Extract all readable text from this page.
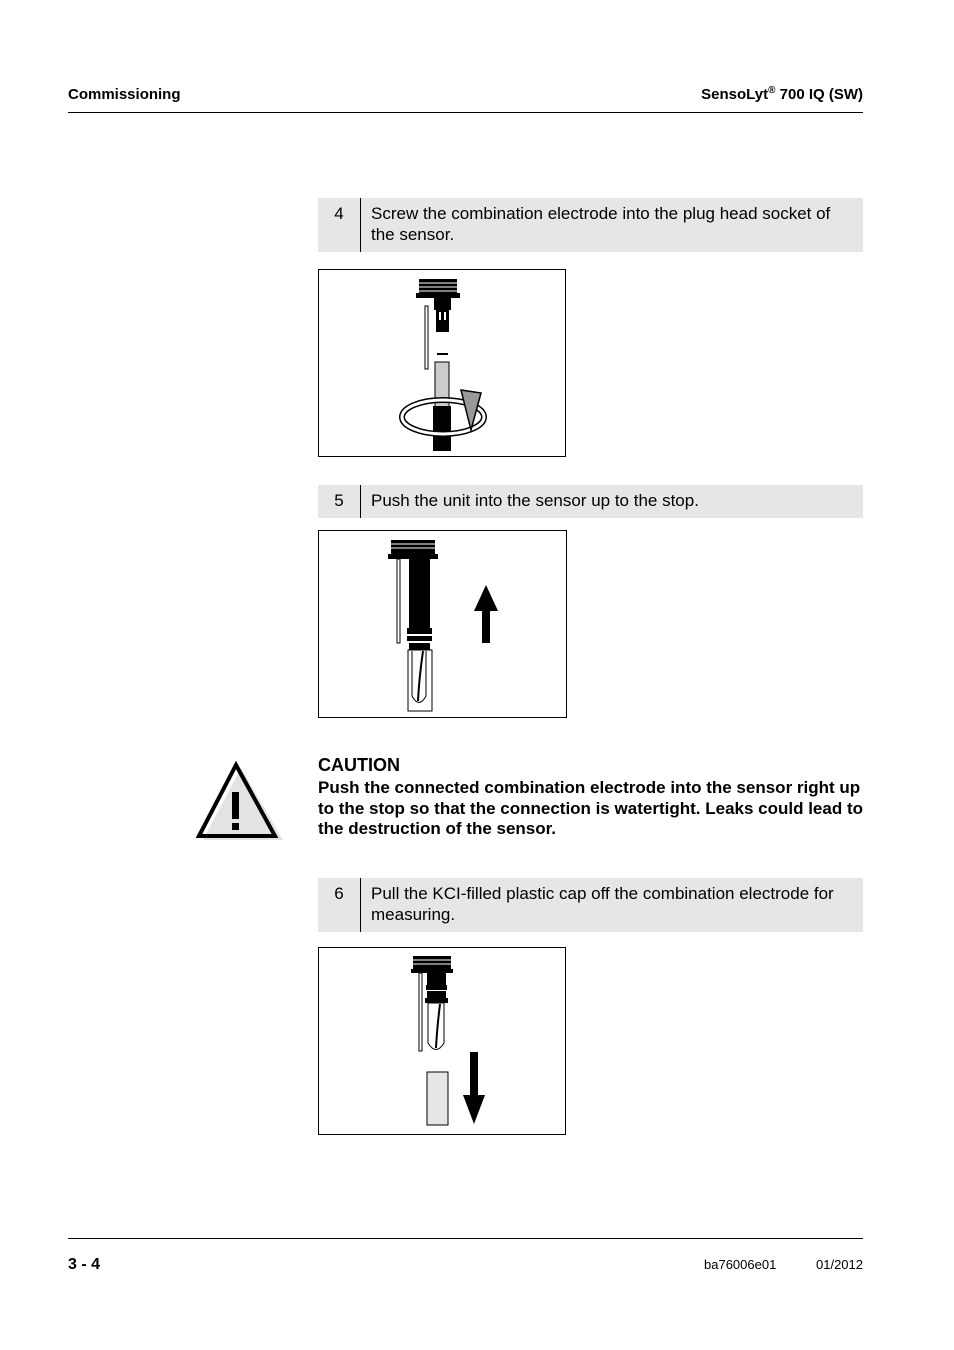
Commissioning	SensoLyt® 700 IQ (SW)
4	Screw the combination electrode into the plug head socket of the sensor.
5	Push the unit into the sensor up to the stop.
CAUTION
Push the connected combination electrode into the sensor right up to the stop so that the connection is watertight. Leaks could lead to the destruction of the sensor.
6	Pull the KCI-filled plastic cap off the combination electrode for measuring.
3 - 4	ba76006e01	01/2012
